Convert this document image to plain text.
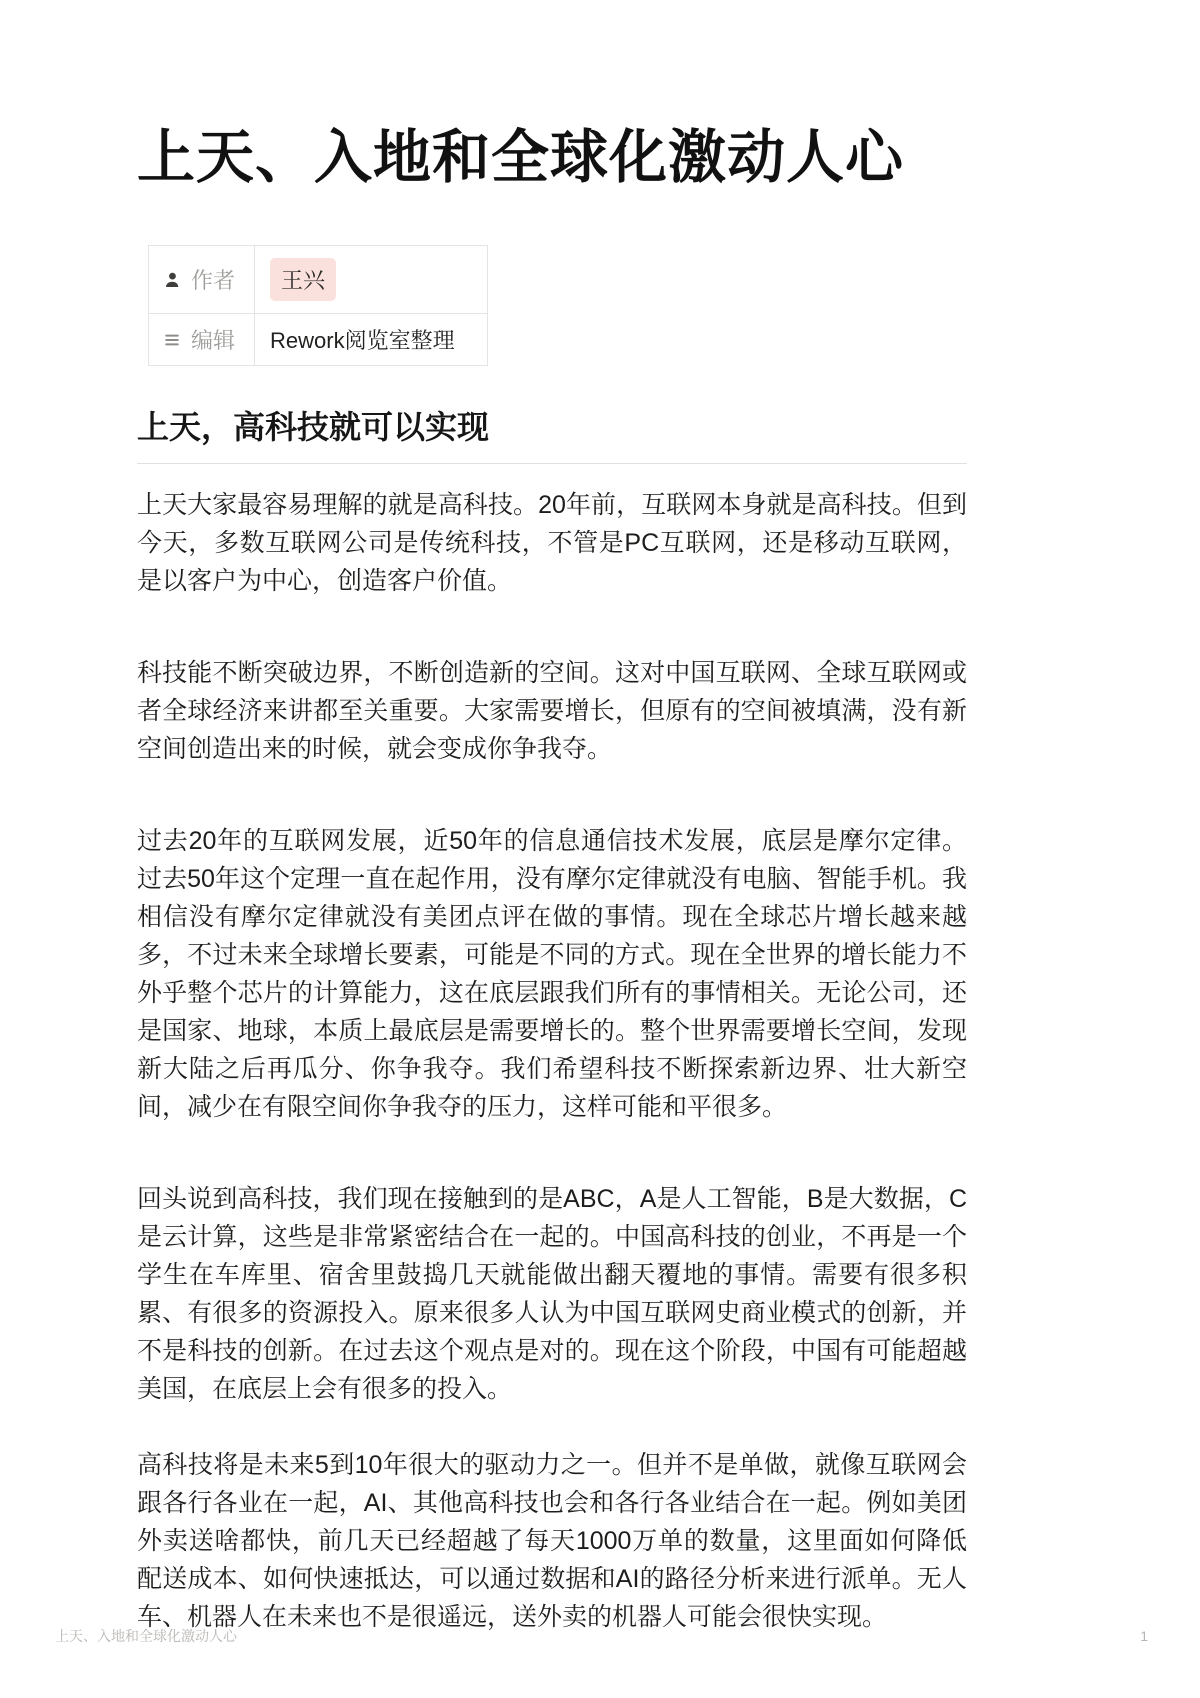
上天、入地和全球化激动人心
作者	王兴

编辑	Rework阅览室整理
上天，高科技就可以实现

上天大家最容易理解的就是高科技。20年前，互联网本身就是高科技。但到今天，多数互联网公司是传统科技，不管是PC互联网，还是移动互联网，是以客户为中心，创造客户价值。

科技能不断突破边界，不断创造新的空间。这对中国互联网、全球互联网或者全球经济来讲都至关重要。大家需要增长，但原有的空间被填满，没有新空间创造出来的时候，就会变成你争我夺。

过去20年的互联网发展，近50年的信息通信技术发展，底层是摩尔定律。过去50年这个定理一直在起作用，没有摩尔定律就没有电脑、智能手机。我相信没有摩尔定律就没有美团点评在做的事情。现在全球芯片增长越来越多，不过未来全球增长要素，可能是不同的方式。现在全世界的增长能力不外乎整个芯片的计算能力，这在底层跟我们所有的事情相关。无论公司，还是国家、地球，本质上最底层是需要增长的。整个世界需要增长空间，发现新大陆之后再瓜分、你争我夺。我们希望科技不断探索新边界、壮大新空间，减少在有限空间你争我夺的压力，这样可能和平很多。

回头说到高科技，我们现在接触到的是ABC，A是人工智能，B是大数据，C是云计算，这些是非常紧密结合在一起的。中国高科技的创业，不再是一个学生在车库里、宿舍里鼓捣几天就能做出翻天覆地的事情。需要有很多积累、有很多的资源投入。原来很多人认为中国互联网史商业模式的创新，并不是科技的创新。在过去这个观点是对的。现在这个阶段，中国有可能超越美国，在底层上会有很多的投入。

高科技将是未来5到10年很大的驱动力之一。但并不是单做，就像互联网会跟各行各业在一起，AI、其他高科技也会和各行各业结合在一起。例如美团外卖送啥都快，前几天已经超越了每天1000万单的数量，这里面如何降低配送成本、如何快速抵达，可以通过数据和AI的路径分析来进行派单。无人车、机器人在未来也不是很遥远，送外卖的机器人可能会很快实现。

上天、入地和全球化激动人心	1
